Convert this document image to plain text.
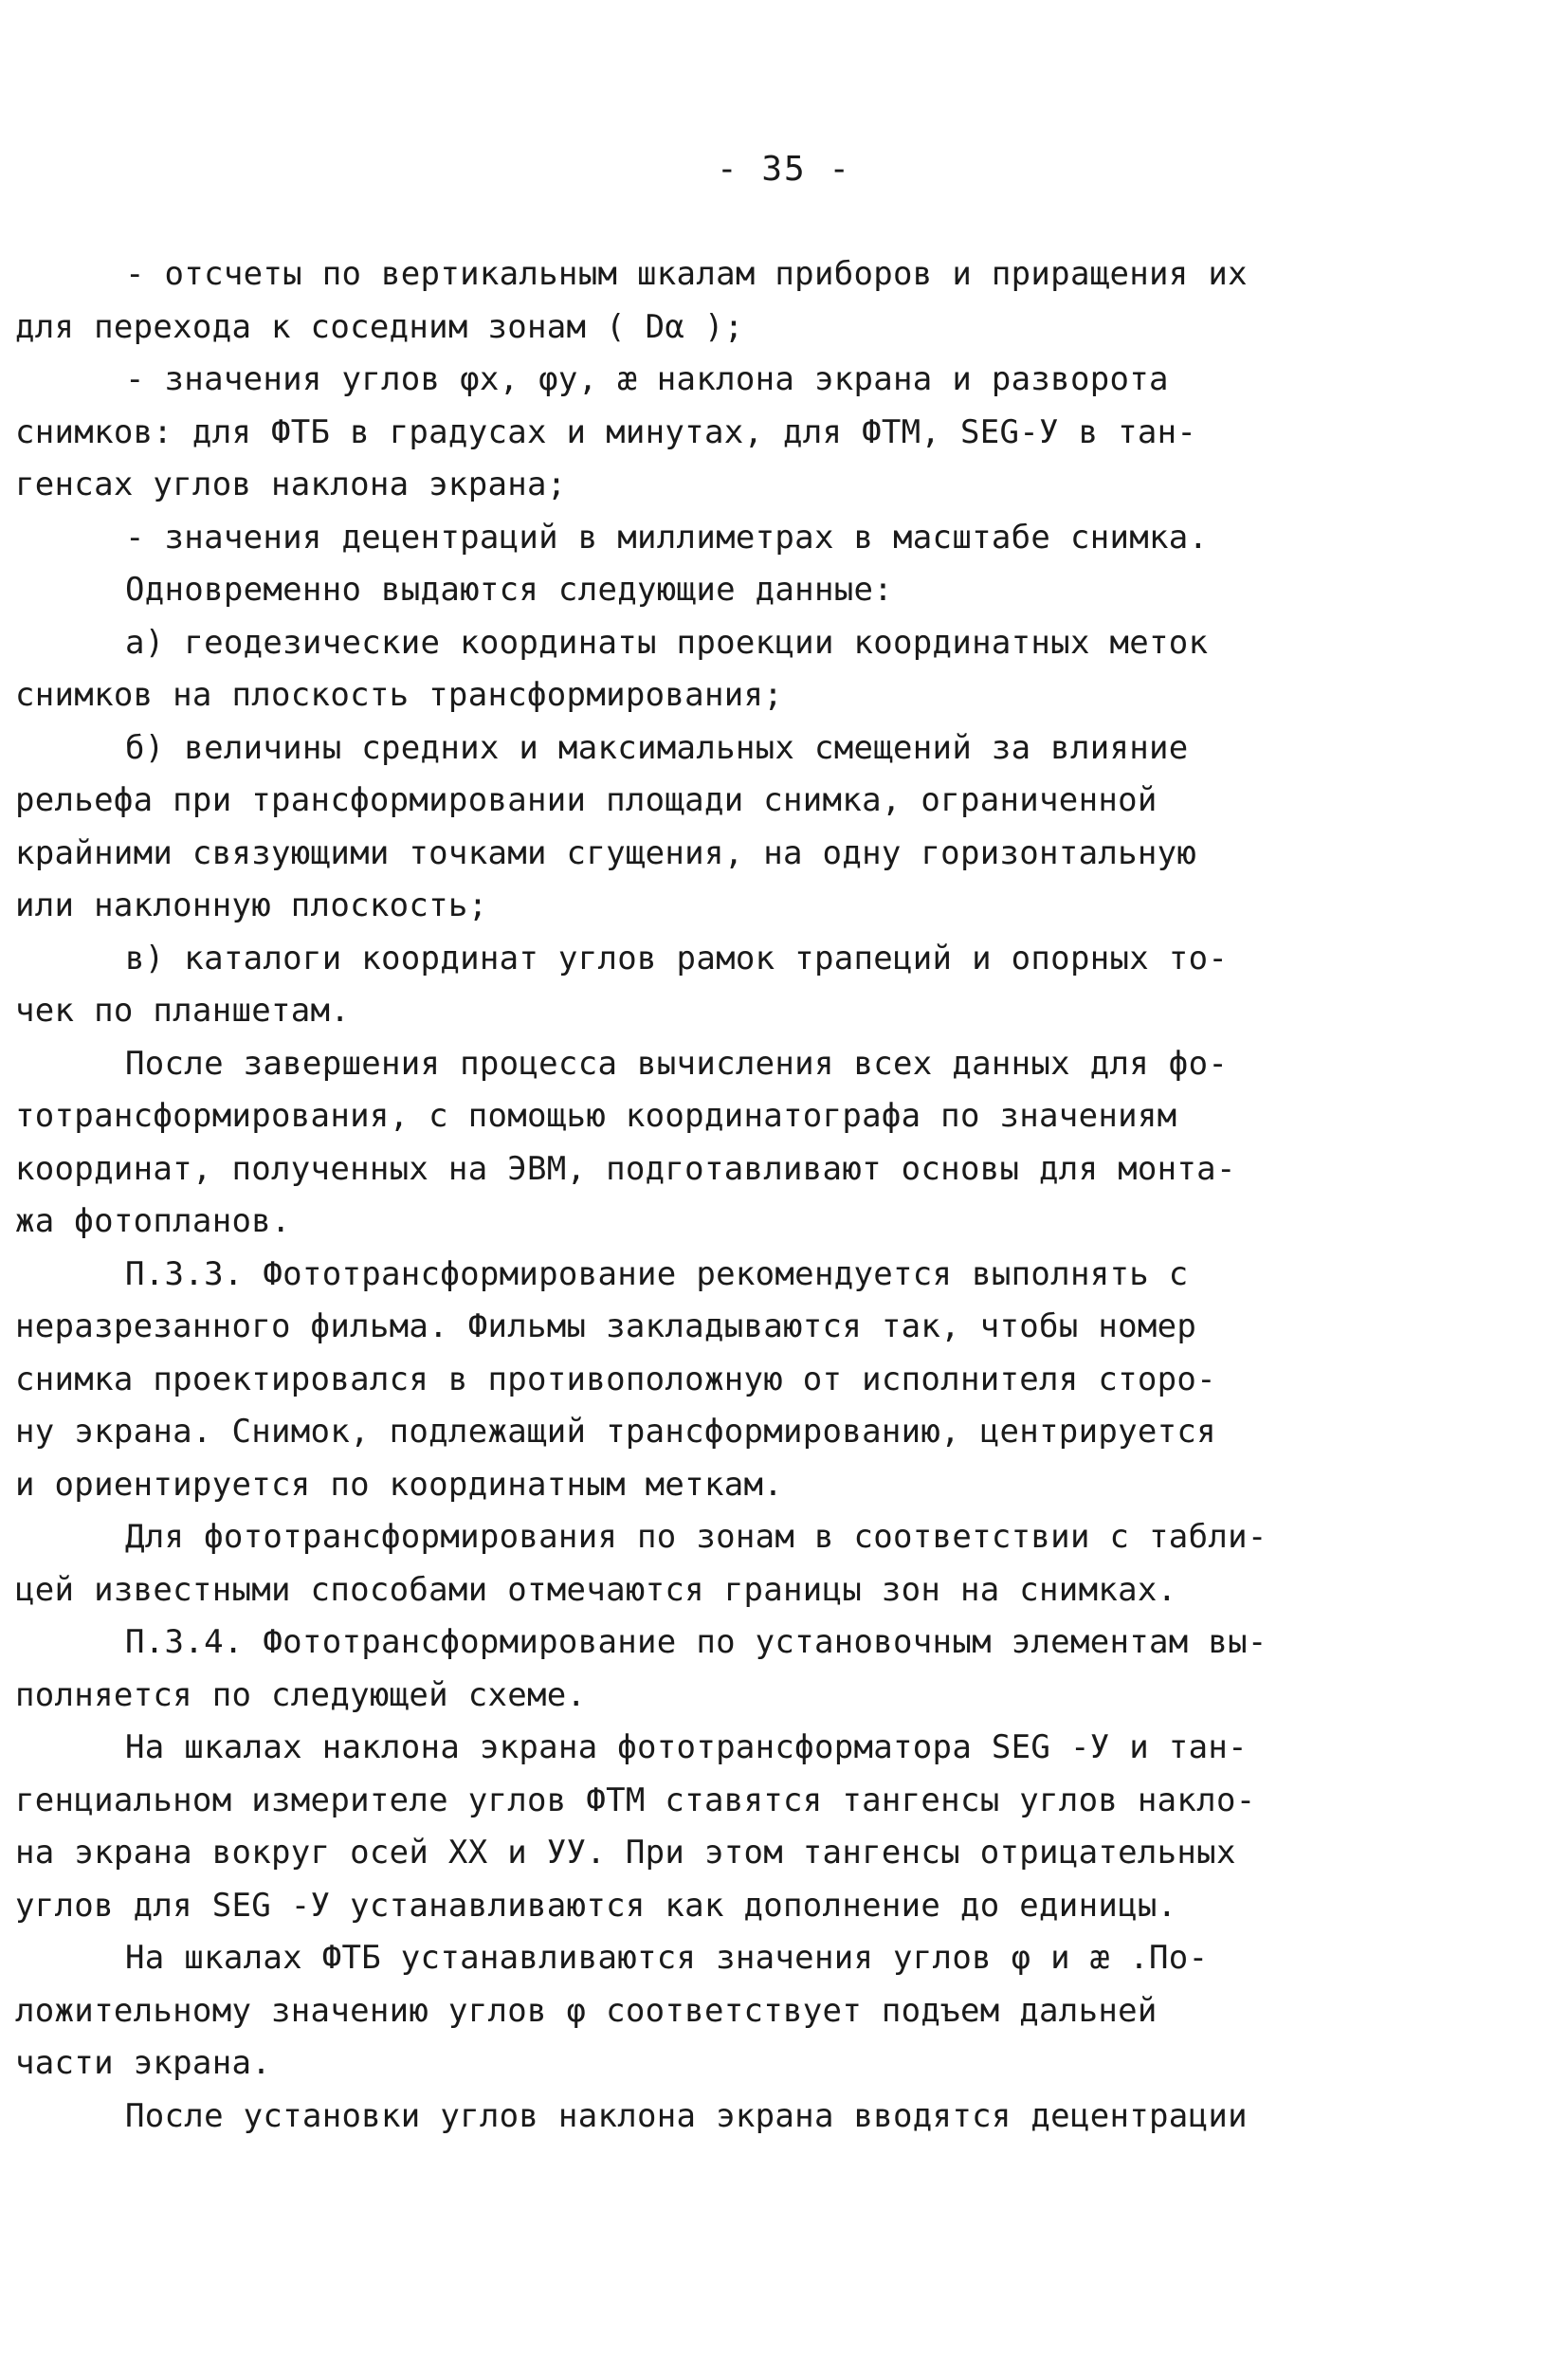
- 35 -
- отсчеты по вертикальным шкалам приборов и приращения их
для перехода к соседним зонам ( Dα );
- значения углов φx, φy, æ наклона экрана и разворота
снимков: для ФТБ в градусах и минутах, для ФТМ, SEG-У в тан-
генсах углов наклона экрана;
- значения децентраций в миллиметрах в масштабе снимка.
Одновременно выдаются следующие данные:
а) геодезические координаты проекции координатных меток
снимков на плоскость трансформирования;
б) величины средних и максимальных смещений за влияние
рельефа при трансформировании площади снимка, ограниченной
крайними связующими точками сгущения, на одну горизонтальную
или наклонную плоскость;
в) каталоги координат углов рамок трапеций и опорных то-
чек по планшетам.
После завершения процесса вычисления всех данных для фо-
тотрансформирования, с помощью координатографа по значениям
координат, полученных на ЭВМ, подготавливают основы для монта-
жа фотопланов.
П.3.3. Фототрансформирование рекомендуется выполнять с
неразрезанного фильма. Фильмы закладываются так, чтобы номер
снимка проектировался в противоположную от исполнителя сторо-
ну экрана. Снимок, подлежащий трансформированию, центрируется
и ориентируется по координатным меткам.
Для фототрансформирования по зонам в соответствии с табли-
цей известными способами отмечаются границы зон на снимках.
П.3.4. Фототрансформирование по установочным элементам вы-
полняется по следующей схеме.
На шкалах наклона экрана фототрансформатора SEG -У и тан-
генциальном измерителе углов ФТМ ставятся тангенсы углов накло-
на экрана вокруг осей XX и УУ. При этом тангенсы отрицательных
углов для SEG -У устанавливаются как дополнение до единицы.
На шкалах ФТБ устанавливаются значения углов φ и æ .По-
ложительному значению углов φ соответствует подъем дальней
части экрана.
После установки углов наклона экрана вводятся децентрации
